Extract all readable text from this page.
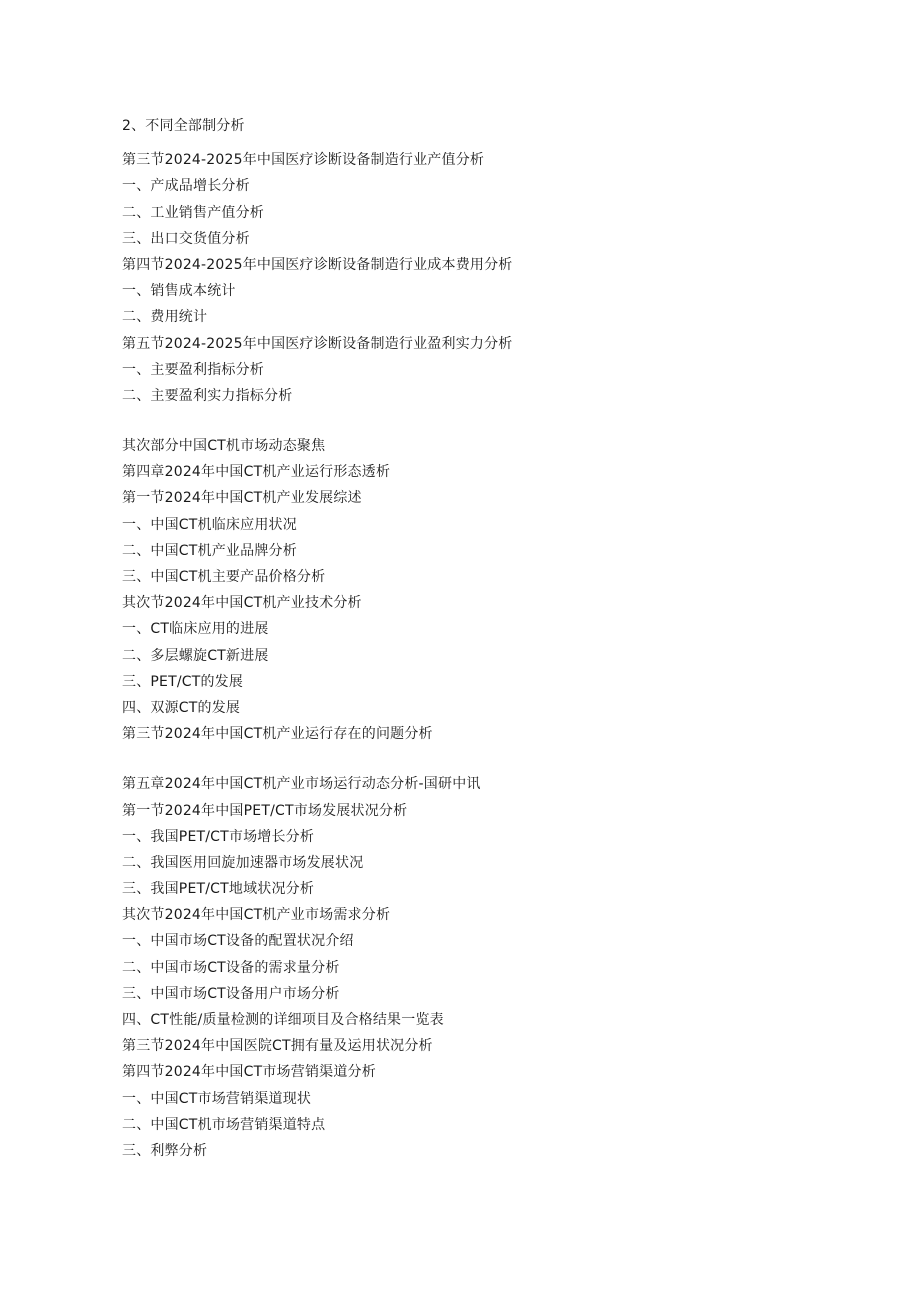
2、不同全部制分析
第三节2024-2025年中国医疗诊断设备制造行业产值分析
一、产成品增长分析
二、工业销售产值分析
三、出口交货值分析
第四节2024-2025年中国医疗诊断设备制造行业成本费用分析
一、销售成本统计
二、费用统计
第五节2024-2025年中国医疗诊断设备制造行业盈利实力分析
一、主要盈利指标分析
二、主要盈利实力指标分析
其次部分中国CT机市场动态聚焦
第四章2024年中国CT机产业运行形态透析
第一节2024年中国CT机产业发展综述
一、中国CT机临床应用状况
二、中国CT机产业品牌分析
三、中国CT机主要产品价格分析
其次节2024年中国CT机产业技术分析
一、CT临床应用的进展
二、多层螺旋CT新进展
三、PET/CT的发展
四、双源CT的发展
第三节2024年中国CT机产业运行存在的问题分析
第五章2024年中国CT机产业市场运行动态分析-国研中讯
第一节2024年中国PET/CT市场发展状况分析
一、我国PET/CT市场增长分析
二、我国医用回旋加速器市场发展状况
三、我国PET/CT地域状况分析
其次节2024年中国CT机产业市场需求分析
一、中国市场CT设备的配置状况介绍
二、中国市场CT设备的需求量分析
三、中国市场CT设备用户市场分析
四、CT性能/质量检测的详细项目及合格结果一览表
第三节2024年中国医院CT拥有量及运用状况分析
第四节2024年中国CT市场营销渠道分析
一、中国CT市场营销渠道现状
二、中国CT机市场营销渠道特点
三、利弊分析
